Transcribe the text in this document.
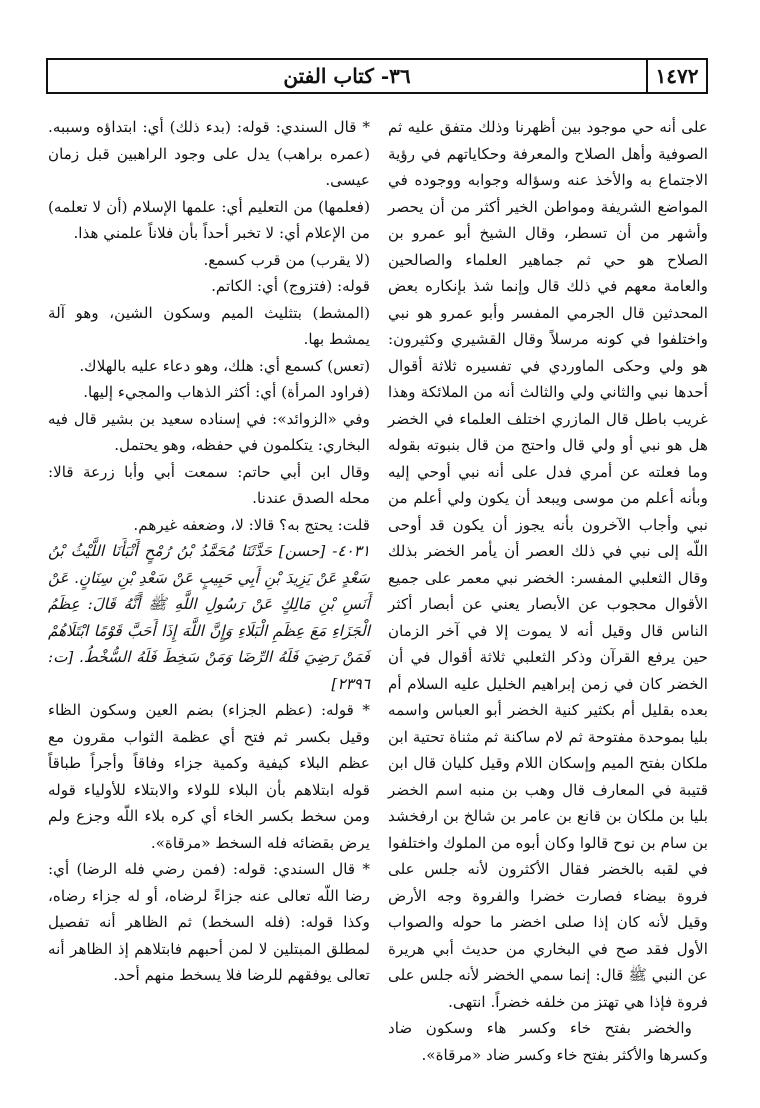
١٤٧٢
٣٦- كتاب الفتن

على أنه حي موجود بين أظهرنا وذلك متفق عليه ثم الصوفية وأهل الصلاح والمعرفة وحكاياتهم في رؤية الاجتماع به والأخذ عنه وسؤاله وجوابه ووجوده في المواضع الشريفة ومواطن الخير أكثر من أن يحصر وأشهر من أن تسطر، وقال الشيخ أبو عمرو بن الصلاح هو حي ثم جماهير العلماء والصالحين والعامة معهم في ذلك قال وإنما شذ بإنكاره بعض المحدثين قال الجرمي المفسر وأبو عمرو هو نبي واختلفوا في كونه مرسلاً وقال القشيري وكثيرون: هو ولي وحكى الماوردي في تفسيره ثلاثة أقوال أحدها نبي والثاني ولي والثالث أنه من الملائكة وهذا غريب باطل قال المازري اختلف العلماء في الخضر هل هو نبي أو ولي قال واحتج من قال بنبوته بقوله وما فعلته عن أمري فدل على أنه نبي أوحي إليه وبأنه أعلم من موسى ويبعد أن يكون ولي أعلم من نبي وأجاب الآخرون بأنه يجوز أن يكون قد أوحى اللّه إلى نبي في ذلك العصر أن يأمر الخضر بذلك وقال الثعلبي المفسر: الخضر نبي معمر على جميع الأقوال محجوب عن الأبصار يعني عن أبصار أكثر الناس قال وقيل أنه لا يموت إلا في آخر الزمان حين يرفع القرآن وذكر الثعلبي ثلاثة أقوال في أن الخضر كان في زمن إبراهيم الخليل عليه السلام أم بعده بقليل أم بكثير كنية الخضر أبو العباس واسمه بليا بموحدة مفتوحة ثم لام ساكنة ثم مثناة تحتية ابن ملكان بفتح الميم وإسكان اللام وقيل كليان قال ابن قتيبة في المعارف قال وهب بن منبه اسم الخضر بليا بن ملكان بن قانع بن عامر بن شالخ بن ارفخشد بن سام بن نوح قالوا وكان أبوه من الملوك واختلفوا في لقبه بالخضر فقال الأكثرون لأنه جلس على فروة بيضاء فصارت خضرا والفروة وجه الأرض وقيل لأنه كان إذا صلى اخضر ما حوله والصواب الأول فقد صح في البخاري من حديث أبي هريرة عن النبي ﷺ قال: إنما سمي الخضر لأنه جلس على فروة فإذا هي تهتز من خلفه خضراً. انتهى.

والخضر بفتح خاء وكسر هاء وسكون ضاد وكسرها والأكثر بفتح خاء وكسر ضاد «مرقاة».

* قال السندي: قوله: (بدء ذلك) أي: ابتداؤه وسببه. (عمره براهب) يدل على وجود الراهبين قبل زمان عيسى.

(فعلمها) من التعليم أي: علمها الإسلام (أن لا تعلمه) من الإعلام أي: لا تخبر أحداً بأن فلاناً علمني هذا.

(لا يقرب) من قرب كسمع.

قوله: (فتزوج) أي: الكاتم.

(المشط) بتثليث الميم وسكون الشين، وهو آلة يمشط بها.

(تعس) كسمع أي: هلك، وهو دعاء عليه بالهلاك.

(فراود المرأة) أي: أكثر الذهاب والمجيء إليها.

وفي «الزوائد»: في إسناده سعيد بن بشير قال فيه البخاري: يتكلمون في حفظه، وهو يحتمل.

وقال ابن أبي حاتم: سمعت أبي وأبا زرعة قالا: محله الصدق عندنا.

قلت: يحتج به؟ قالا: لا، وضعفه غيرهم.

٤٠٣١- [حسن] حَدَّثَنَا مُحَمَّدُ بْنُ رُمْحٍ أَنْبَأَنَا اللَّيْثُ بْنُ سَعْدٍ عَنْ يَزِيدَ بْنِ أَبِي حَبِيبٍ عَنْ سَعْدِ بْنِ سِنَانٍ. عَنْ أَنَسِ بْنِ مَالِكٍ عَنْ رَسُولِ اللَّهِ ﷺ أَنَّهُ قَالَ: عِظَمُ الْجَزَاءِ مَعَ عِظَمِ الْبَلَاءِ وَإِنَّ اللَّهَ إِذَا أَحَبَّ قَوْمًا ابْتَلَاهُمْ فَمَنْ رَضِيَ فَلَهُ الرِّضَا وَمَنْ سَخِطَ فَلَهُ السُّخْطُ. [ت: ٢٣٩٦]

* قوله: (عظم الجزاء) بضم العين وسكون الظاء وقيل بكسر ثم فتح أي عظمة الثواب مقرون مع عظم البلاء كيفية وكمية جزاء وفاقاً وأجراً طباقاً قوله ابتلاهم بأن البلاء للولاء والابتلاء للأولياء قوله ومن سخط بكسر الخاء أي كره بلاء اللّه وجزع ولم يرض بقضائه فله السخط «مرقاة».

* قال السندي: قوله: (فمن رضي فله الرضا) أي: رضا اللّه تعالى عنه جزاءً لرضاه، أو له جزاء رضاه، وكذا قوله: (فله السخط) ثم الظاهر أنه تفصيل لمطلق المبتلين لا لمن أحبهم فابتلاهم إذ الظاهر أنه تعالى يوفقهم للرضا فلا يسخط منهم أحد.
